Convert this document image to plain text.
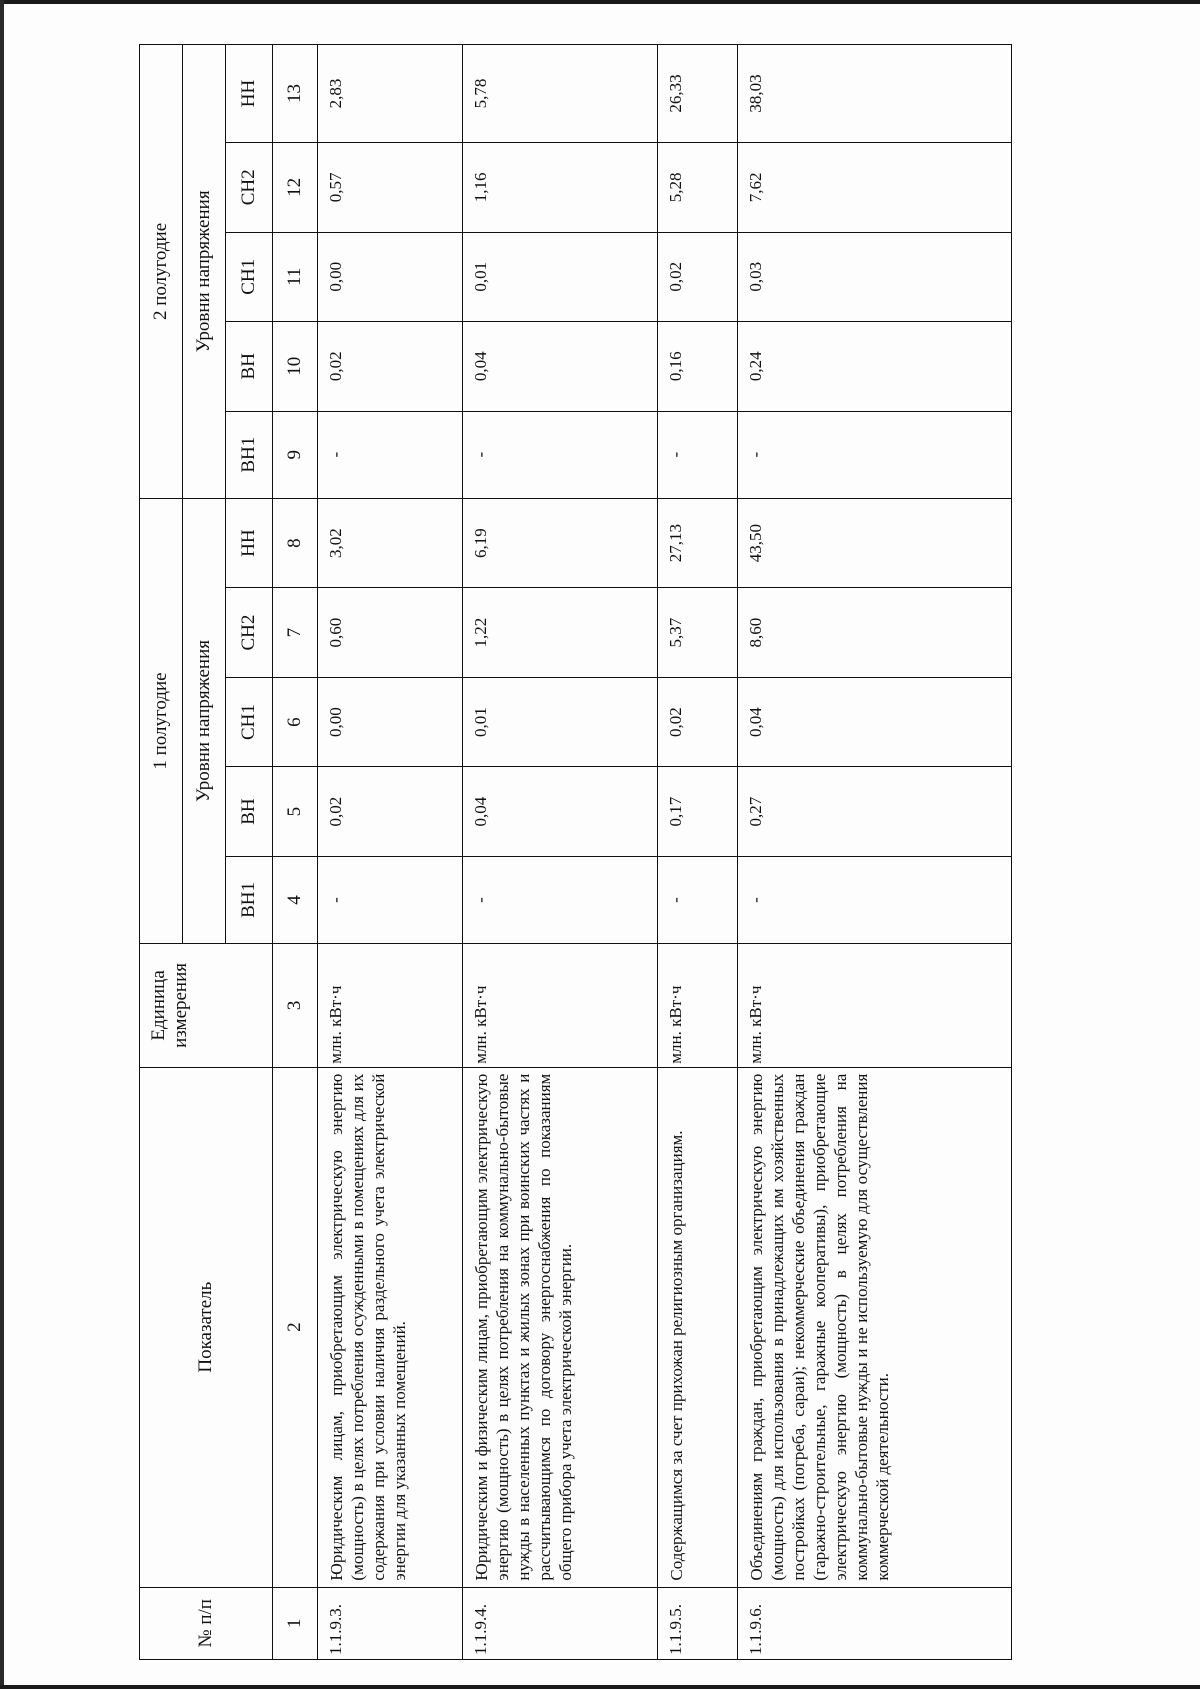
№ п/п	Показатель	Единица измерения	1 полугодие					2 полугодие				
			Уровни напряжения					Уровни напряжения				
			ВН1	ВН	СН1	СН2	НН	ВН1	ВН	СН1	СН2	НН
1	2	3	4	5	6	7	8	9	10	11	12	13
1.1.9.3.	Юридическим лицам, приобретающим электрическую энергию (мощность) в целях потребления осужденными в помещениях для их содержания при условии наличия раздельного учета электрической энергии для указанных помещений.	млн. кВт·ч	-	0,02	0,00	0,60	3,02	-	0,02	0,00	0,57	2,83
1.1.9.4.	Юридическим и физическим лицам, приобретающим электрическую энергию (мощность) в целях потребления на коммунально-бытовые нужды в населенных пунктах и жилых зонах при воинских частях и рассчитывающимся по договору энергоснабжения по показаниям общего прибора учета электрической энергии.	млн. кВт·ч	-	0,04	0,01	1,22	6,19	-	0,04	0,01	1,16	5,78
1.1.9.5.	Содержащимся за счет прихожан религиозным организациям.	млн. кВт·ч	-	0,17	0,02	5,37	27,13	-	0,16	0,02	5,28	26,33
1.1.9.6.	Объединениям граждан, приобретающим электрическую энергию (мощность) для использования в принадлежащих им хозяйственных постройках (погреба, сараи); некоммерческие объединения граждан (гаражно-строительные, гаражные кооперативы), приобретающие электрическую энергию (мощность) в целях потребления на коммунально-бытовые нужды и не используемую для осуществления коммерческой деятельности.	млн. кВт·ч	-	0,27	0,04	8,60	43,50	-	0,24	0,03	7,62	38,03
